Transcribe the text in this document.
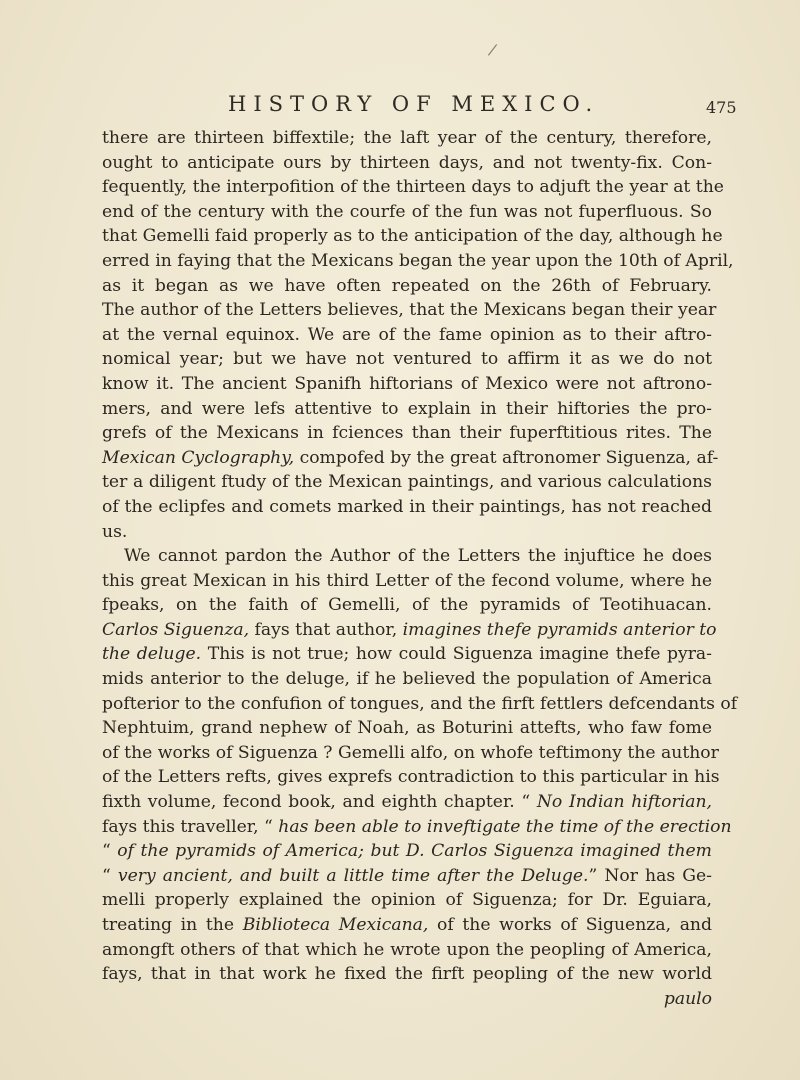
/
HISTORY OF MEXICO.	475
there are thirteen biffextile; the laft year of the century, therefore,
ought to anticipate ours by thirteen days, and not twenty-fix. Con-
fequently, the interpofition of the thirteen days to adjuft the year at the
end of the century with the courfe of the fun was not fuperfluous. So
that Gemelli faid properly as to the anticipation of the day, although he
erred in faying that the Mexicans began the year upon the 10th of April,
as it began as we have often repeated on the 26th of February.
The author of the Letters believes, that the Mexicans began their year
at the vernal equinox. We are of the fame opinion as to their aftro-
nomical year; but we have not ventured to affirm it as we do not
know it. The ancient Spanifh hiftorians of Mexico were not aftrono-
mers, and were lefs attentive to explain in their hiftories the pro-
grefs of the Mexicans in fciences than their fuperftitious rites. The
Mexican Cyclography, compofed by the great aftronomer Siguenza, af-
ter a diligent ftudy of the Mexican paintings, and various calculations
of the eclipfes and comets marked in their paintings, has not reached
us.
We cannot pardon the Author of the Letters the injuftice he does
this great Mexican in his third Letter of the fecond volume, where he
fpeaks, on the faith of Gemelli, of the pyramids of Teotihuacan.
Carlos Siguenza, fays that author, imagines thefe pyramids anterior to
the deluge. This is not true; how could Siguenza imagine thefe pyra-
mids anterior to the deluge, if he believed the population of America
pofterior to the confufion of tongues, and the firft fettlers defcendants of
Nephtuim, grand nephew of Noah, as Boturini attefts, who faw fome
of the works of Siguenza ? Gemelli alfo, on whofe teftimony the author
of the Letters refts, gives exprefs contradiction to this particular in his
fixth volume, fecond book, and eighth chapter. “ No Indian hiftorian,
fays this traveller, “ has been able to inveftigate the time of the erection
“ of the pyramids of America; but D. Carlos Siguenza imagined them
“ very ancient, and built a little time after the Deluge.” Nor has Ge-
melli properly explained the opinion of Siguenza; for Dr. Eguiara,
treating in the Biblioteca Mexicana, of the works of Siguenza, and
amongft others of that which he wrote upon the peopling of America,
fays, that in that work he fixed the firft peopling of the new world
paulo
